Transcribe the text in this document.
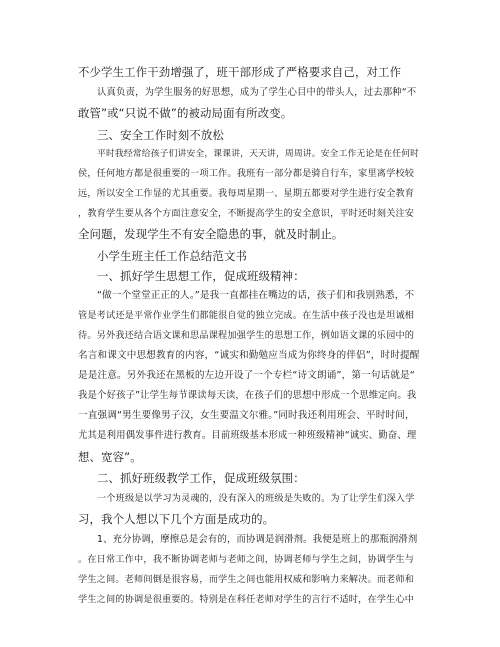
不少学生工作干劲增强了，班干部形成了严格要求自己，对工作
认真负责，为学生服务的好思想，成为了学生心目中的带头人，过去那种“不
敢管”或“只说不做”的被动局面有所改变。
三、安全工作时刻不放松
平时我经常给孩子们讲安全，课课讲，天天讲，周周讲。安全工作无论是在任何时
侯，任何地方都是很重要的一项工作。我班有一部分都是骑自行车，家里离学校较
远，所以安全工作显的尤其重要。我每周星期一、星期五都要对学生进行安全教育
，教育学生要从各个方面注意安全，不断提高学生的安全意识，平时还时刻关注安
全问题，发现学生不有安全隐患的事，就及时制止。
小学生班主任工作总结范文书
一、抓好学生思想工作，促成班级精神：
“做一个堂堂正正的人。”是我一直都挂在嘴边的话，孩子们和我别熟悉，不
管是考试还是平常作业学生们都能很自觉的独立完成。在生活中孩子没也是坦诚相
待。另外我还结合语文课和思品课程加强学生的思想工作，例如语文课的乐园中的
名言和课文中思想教育的内容，“诚实和勤勉应当成为你终身的伴侣”，时时提醒
是是注意。另外我还在黑板的左边开设了一个专栏“诗文朗诵”，第一句话就是“
我是个好孩子”让学生每节课读每天读，在孩子们的思想中形成一个思维定向。我
一直强调“男生要像男子汉，女生要温文尔雅。”同时我还利用班会、平时时间，
尤其是利用偶发事件进行教育。目前班级基本形成一种班级精神“诚实、勤奋、理
想、宽容”。
二、抓好班级教学工作，促成班级氛围：
一个班级是以学习为灵魂的，没有深入的班级是失败的。为了让学生们深入学
习，我个人想以下几个方面是成功的。
1、充分协调，摩擦总是会有的，而协调是润滑剂。我便是班上的那瓶润滑剂
。在日常工作中，我不断协调老师与老师之间，协调老师与学生之间，协调学生与
学生之间。老师间倒是很容易，而学生之间也能用权威和影响力来解决。而老师和
学生之间的协调是很重要的。特别是在科任老师对学生的言行不适时，在学生心中
